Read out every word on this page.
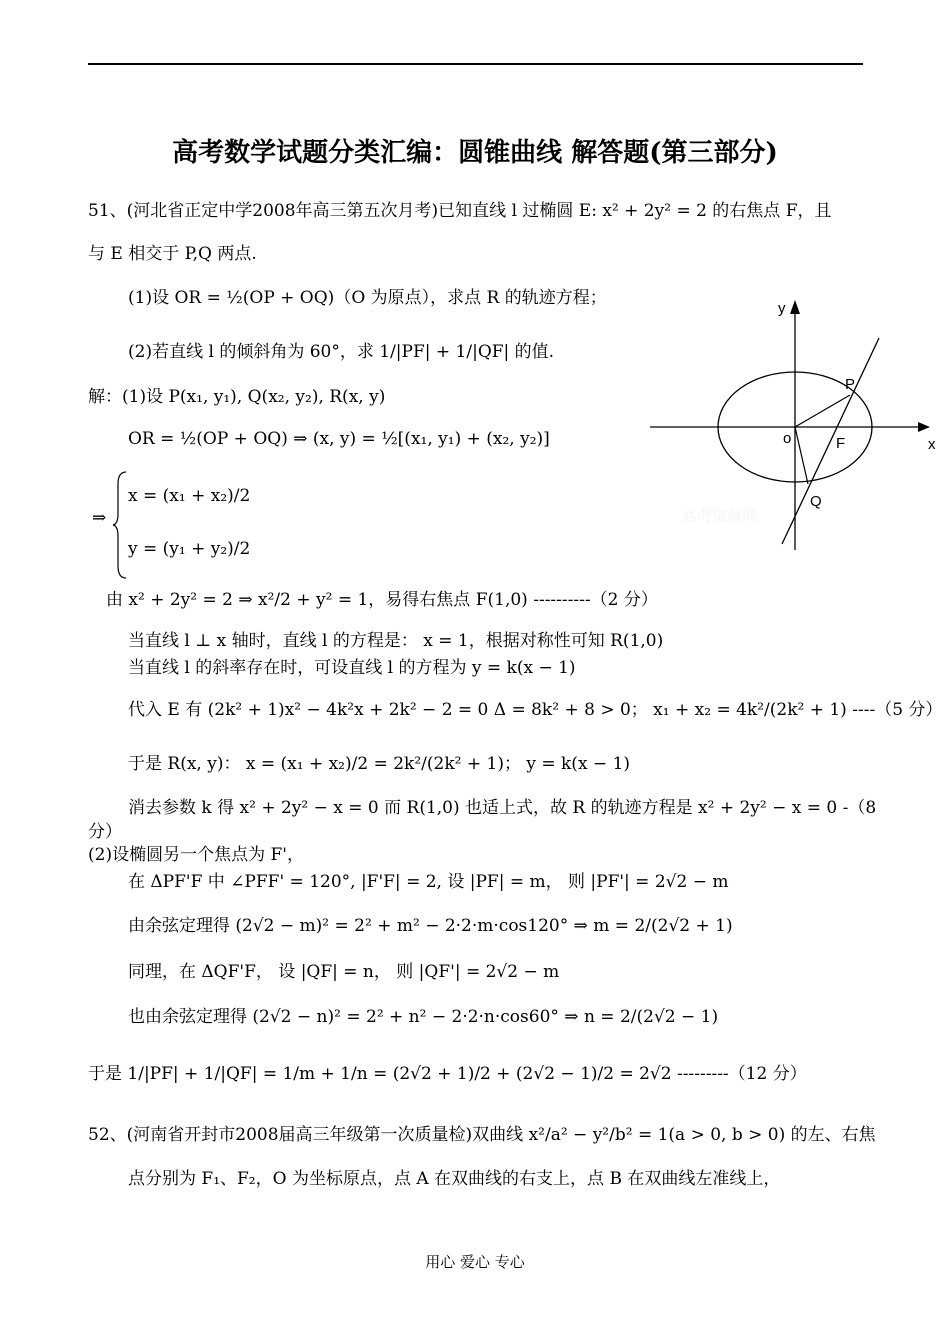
高考数学试题分类汇编：圆锥曲线 解答题(第三部分)
51、(河北省正定中学2008年高三第五次月考)已知直线 l 过椭圆 E: x² + 2y² = 2 的右焦点 F，且
与 E 相交于 P,Q 两点.
(1)设 OR = ½(OP + OQ)（O 为原点），求点 R 的轨迹方程；
(2)若直线 l 的倾斜角为 60°，求 1/|PF| + 1/|QF| 的值.
解：(1)设 P(x₁, y₁), Q(x₂, y₂), R(x, y)
OR = ½(OP + OQ) ⇒ (x, y) = ½[(x₁, y₁) + (x₂, y₂)]
⇒
x = (x₁ + x₂)/2
y = (y₁ + y₂)/2
由 x² + 2y² = 2 ⇒ x²/2 + y² = 1，易得右焦点 F(1,0) ----------（2 分）
当直线 l ⊥ x 轴时，直线 l 的方程是： x = 1，根据对称性可知 R(1,0)
当直线 l 的斜率存在时，可设直线 l 的方程为 y = k(x − 1)
代入 E 有 (2k² + 1)x² − 4k²x + 2k² − 2 = 0 Δ = 8k² + 8 > 0； x₁ + x₂ = 4k²/(2k² + 1) ----（5 分）
于是 R(x, y)： x = (x₁ + x₂)/2 = 2k²/(2k² + 1)； y = k(x − 1)
消去参数 k 得 x² + 2y² − x = 0 而 R(1,0) 也适上式，故 R 的轨迹方程是 x² + 2y² − x = 0 -（8
分）
(2)设椭圆另一个焦点为 F'，
在 ΔPF'F 中 ∠PFF' = 120°, |F'F| = 2, 设 |PF| = m， 则 |PF'| = 2√2 − m
由余弦定理得 (2√2 − m)² = 2² + m² − 2·2·m·cos120° ⇒ m = 2/(2√2 + 1)
同理，在 ΔQF'F， 设 |QF| = n， 则 |QF'| = 2√2 − m
也由余弦定理得 (2√2 − n)² = 2² + n² − 2·2·n·cos60° ⇒ n = 2/(2√2 − 1)
于是 1/|PF| + 1/|QF| = 1/m + 1/n = (2√2 + 1)/2 + (2√2 − 1)/2 = 2√2 ---------（12 分）
52、(河南省开封市2008届高三年级第一次质量检)双曲线 x²/a² − y²/b² = 1(a > 0, b > 0) 的左、右焦
点分别为 F₁、F₂，O 为坐标原点，点 A 在双曲线的右支上，点 B 在双曲线左准线上，
高考资源网
y
x
o
P
F
Q
用心 爱心 专心
